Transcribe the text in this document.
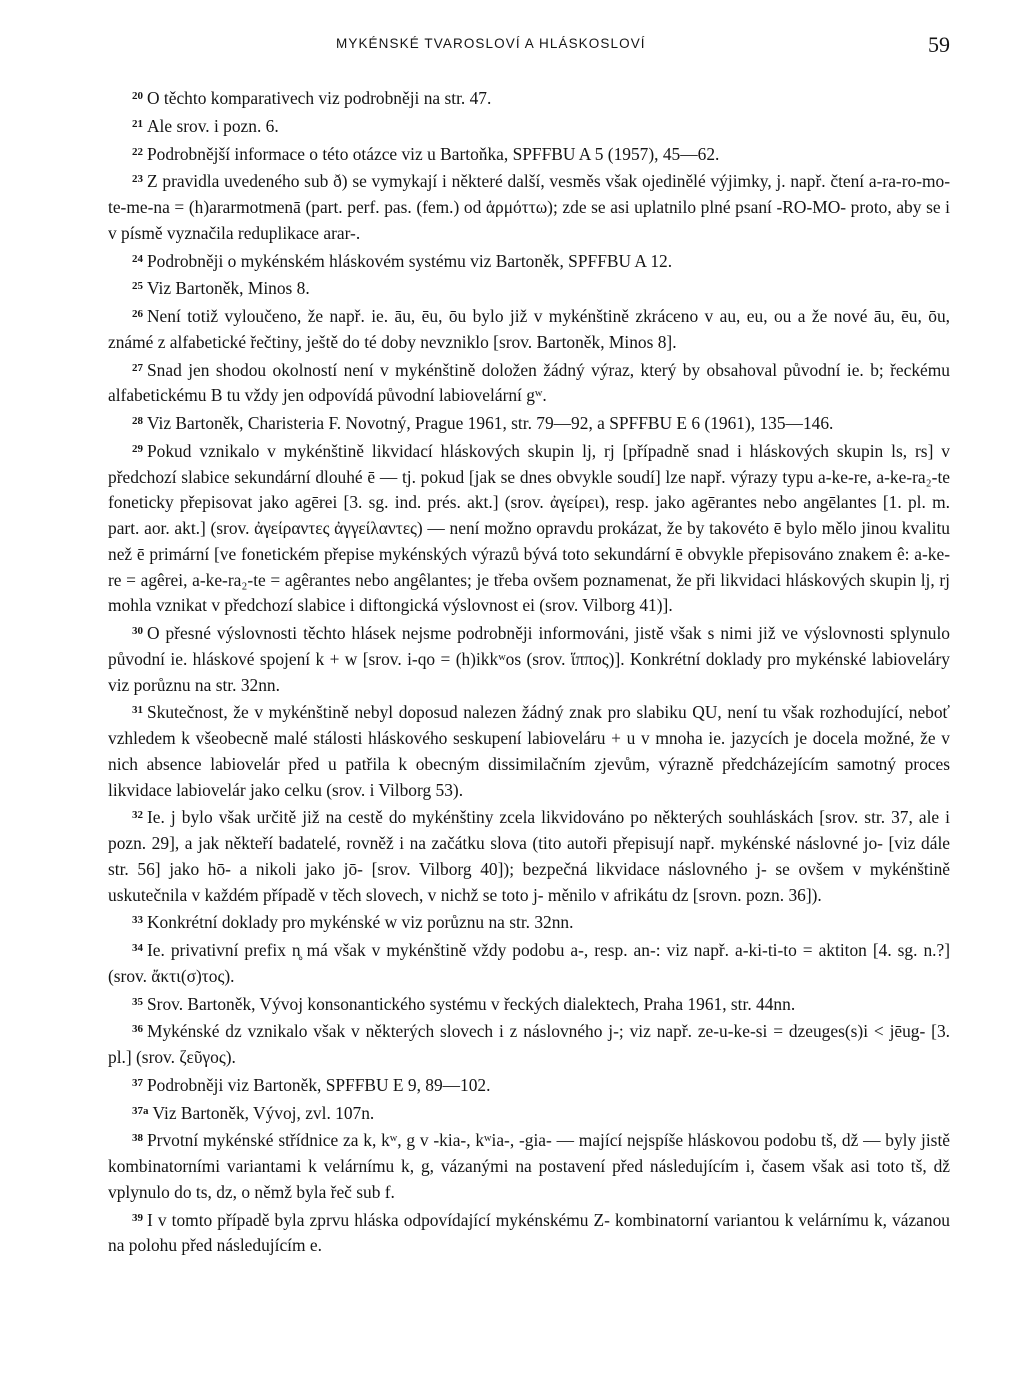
MYKÉNSKÉ TVAROSLOVÍ A HLÁSKOSLOVÍ	59

$^{20}$ O těchto komparativech viz podrobněji na str. 47.

$^{21}$ Ale srov. i pozn. 6.

$^{22}$ Podrobnější informace o této otázce viz u Bartoňka, SPFFBU A 5 (1957), 45—62.

$^{23}$ Z pravidla uvedeného sub ð) se vymykají i některé další, vesměs však ojedinělé výjimky, j. např. čtení a-ra-ro-mo-te-me-na = (h)ararmotmenā (part. perf. pas. (fem.) od ἁρμόττω); zde se asi uplatnilo plné psaní -RO-MO- proto, aby se i v písmě vyznačila reduplikace arar-.

$^{24}$ Podrobněji o mykénském hláskovém systému viz Bartoněk, SPFFBU A 12.

$^{25}$ Viz Bartoněk, Minos 8.

$^{26}$ Není totiž vyloučeno, že např. ie. āu, ēu, ōu bylo již v mykénštině zkráceno v au, eu, ou a že nové āu, ēu, ōu, známé z alfabetické řečtiny, ještě do té doby nevzniklo [srov. Bartoněk, Minos 8].

$^{27}$ Snad jen shodou okolností není v mykénštině doložen žádný výraz, který by obsahoval původní ie. b; řeckému alfabetickému B tu vždy jen odpovídá původní labiovelární gʷ.

$^{28}$ Viz Bartoněk, Charisteria F. Novotný, Prague 1961, str. 79—92, a SPFFBU E 6 (1961), 135—146.

$^{29}$ Pokud vznikalo v mykénštině likvidací hláskových skupin lj, rj [případně snad i hláskových skupin ls, rs] v předchozí slabice sekundární dlouhé ē — tj. pokud [jak se dnes obvykle soudí] lze např. výrazy typu a-ke-re, a-ke-ra₂-te foneticky přepisovat jako agērei [3. sg. ind. prés. akt.] (srov. ἀγείρει), resp. jako agērantes nebo angēlantes [1. pl. m. part. aor. akt.] (srov. ἀγείραντες ἀγγείλαντες) — není možno opravdu prokázat, že by takovéto ē bylo mělo jinou kvalitu než ē primární [ve fonetickém přepise mykénských výrazů bývá toto sekundární ē obvykle přepisováno znakem ê: a-ke-re = agêrei, a-ke-ra₂-te = agêrantes nebo angêlantes; je třeba ovšem poznamenat, že při likvidaci hláskových skupin lj, rj mohla vznikat v předchozí slabice i diftongická výslovnost ei (srov. Vilborg 41)].

$^{30}$ O přesné výslovnosti těchto hlásek nejsme podrobněji informováni, jistě však s nimi již ve výslovnosti splynulo původní ie. hláskové spojení k + w [srov. i-qo = (h)ikkʷos (srov. ἵππος)]. Konkrétní doklady pro mykénské labioveláry viz porůznu na str. 32nn.

$^{31}$ Skutečnost, že v mykénštině nebyl doposud nalezen žádný znak pro slabiku QU, není tu však rozhodující, neboť vzhledem k všeobecně malé stálosti hláskového seskupení labioveláru + u v mnoha ie. jazycích je docela možné, že v nich absence labiovelár před u patřila k obecným dissimilačním zjevům, výrazně předcházejícím samotný proces likvidace labiovelár jako celku (srov. i Vilborg 53).

$^{32}$ Ie. j bylo však určitě již na cestě do mykénštiny zcela likvidováno po některých souhláskách [srov. str. 37, ale i pozn. 29], a jak někteří badatelé, rovněž i na začátku slova (tito autoři přepisují např. mykénské náslovné jo- [viz dále str. 56] jako hō- a nikoli jako jō- [srov. Vilborg 40]); bezpečná likvidace náslovného j- se ovšem v mykénštině uskutečnila v každém případě v těch slovech, v nichž se toto j- měnilo v afrikátu dz [srovn. pozn. 36]).

$^{33}$ Konkrétní doklady pro mykénské w viz porůznu na str. 32nn.

$^{34}$ Ie. privativní prefix n̥ má však v mykénštině vždy podobu a-, resp. an-: viz např. a-ki-ti-to = aktiton [4. sg. n.?] (srov. ἄκτι(σ)τος).

$^{35}$ Srov. Bartoněk, Vývoj konsonantického systému v řeckých dialektech, Praha 1961, str. 44nn.

$^{36}$ Mykénské dz vznikalo však v některých slovech i z náslovného j-; viz např. ze-u-ke-si = dzeuges(s)i < jēug- [3. pl.] (srov. ζεῦγος).

$^{37}$ Podrobněji viz Bartoněk, SPFFBU E 9, 89—102.

$^{37a}$ Viz Bartoněk, Vývoj, zvl. 107n.

$^{38}$ Prvotní mykénské střídnice za k, kʷ, g v -kia-, kʷia-, -gia- — mající nejspíše hláskovou podobu tš, dž — byly jistě kombinatorními variantami k velárnímu k, g, vázanými na postavení před následujícím i, časem však asi toto tš, dž vplynulo do ts, dz, o němž byla řeč sub f.

$^{39}$ I v tomto případě byla zprvu hláska odpovídající mykénskému Z- kombinatorní variantou k velárnímu k, vázanou na polohu před následujícím e.
